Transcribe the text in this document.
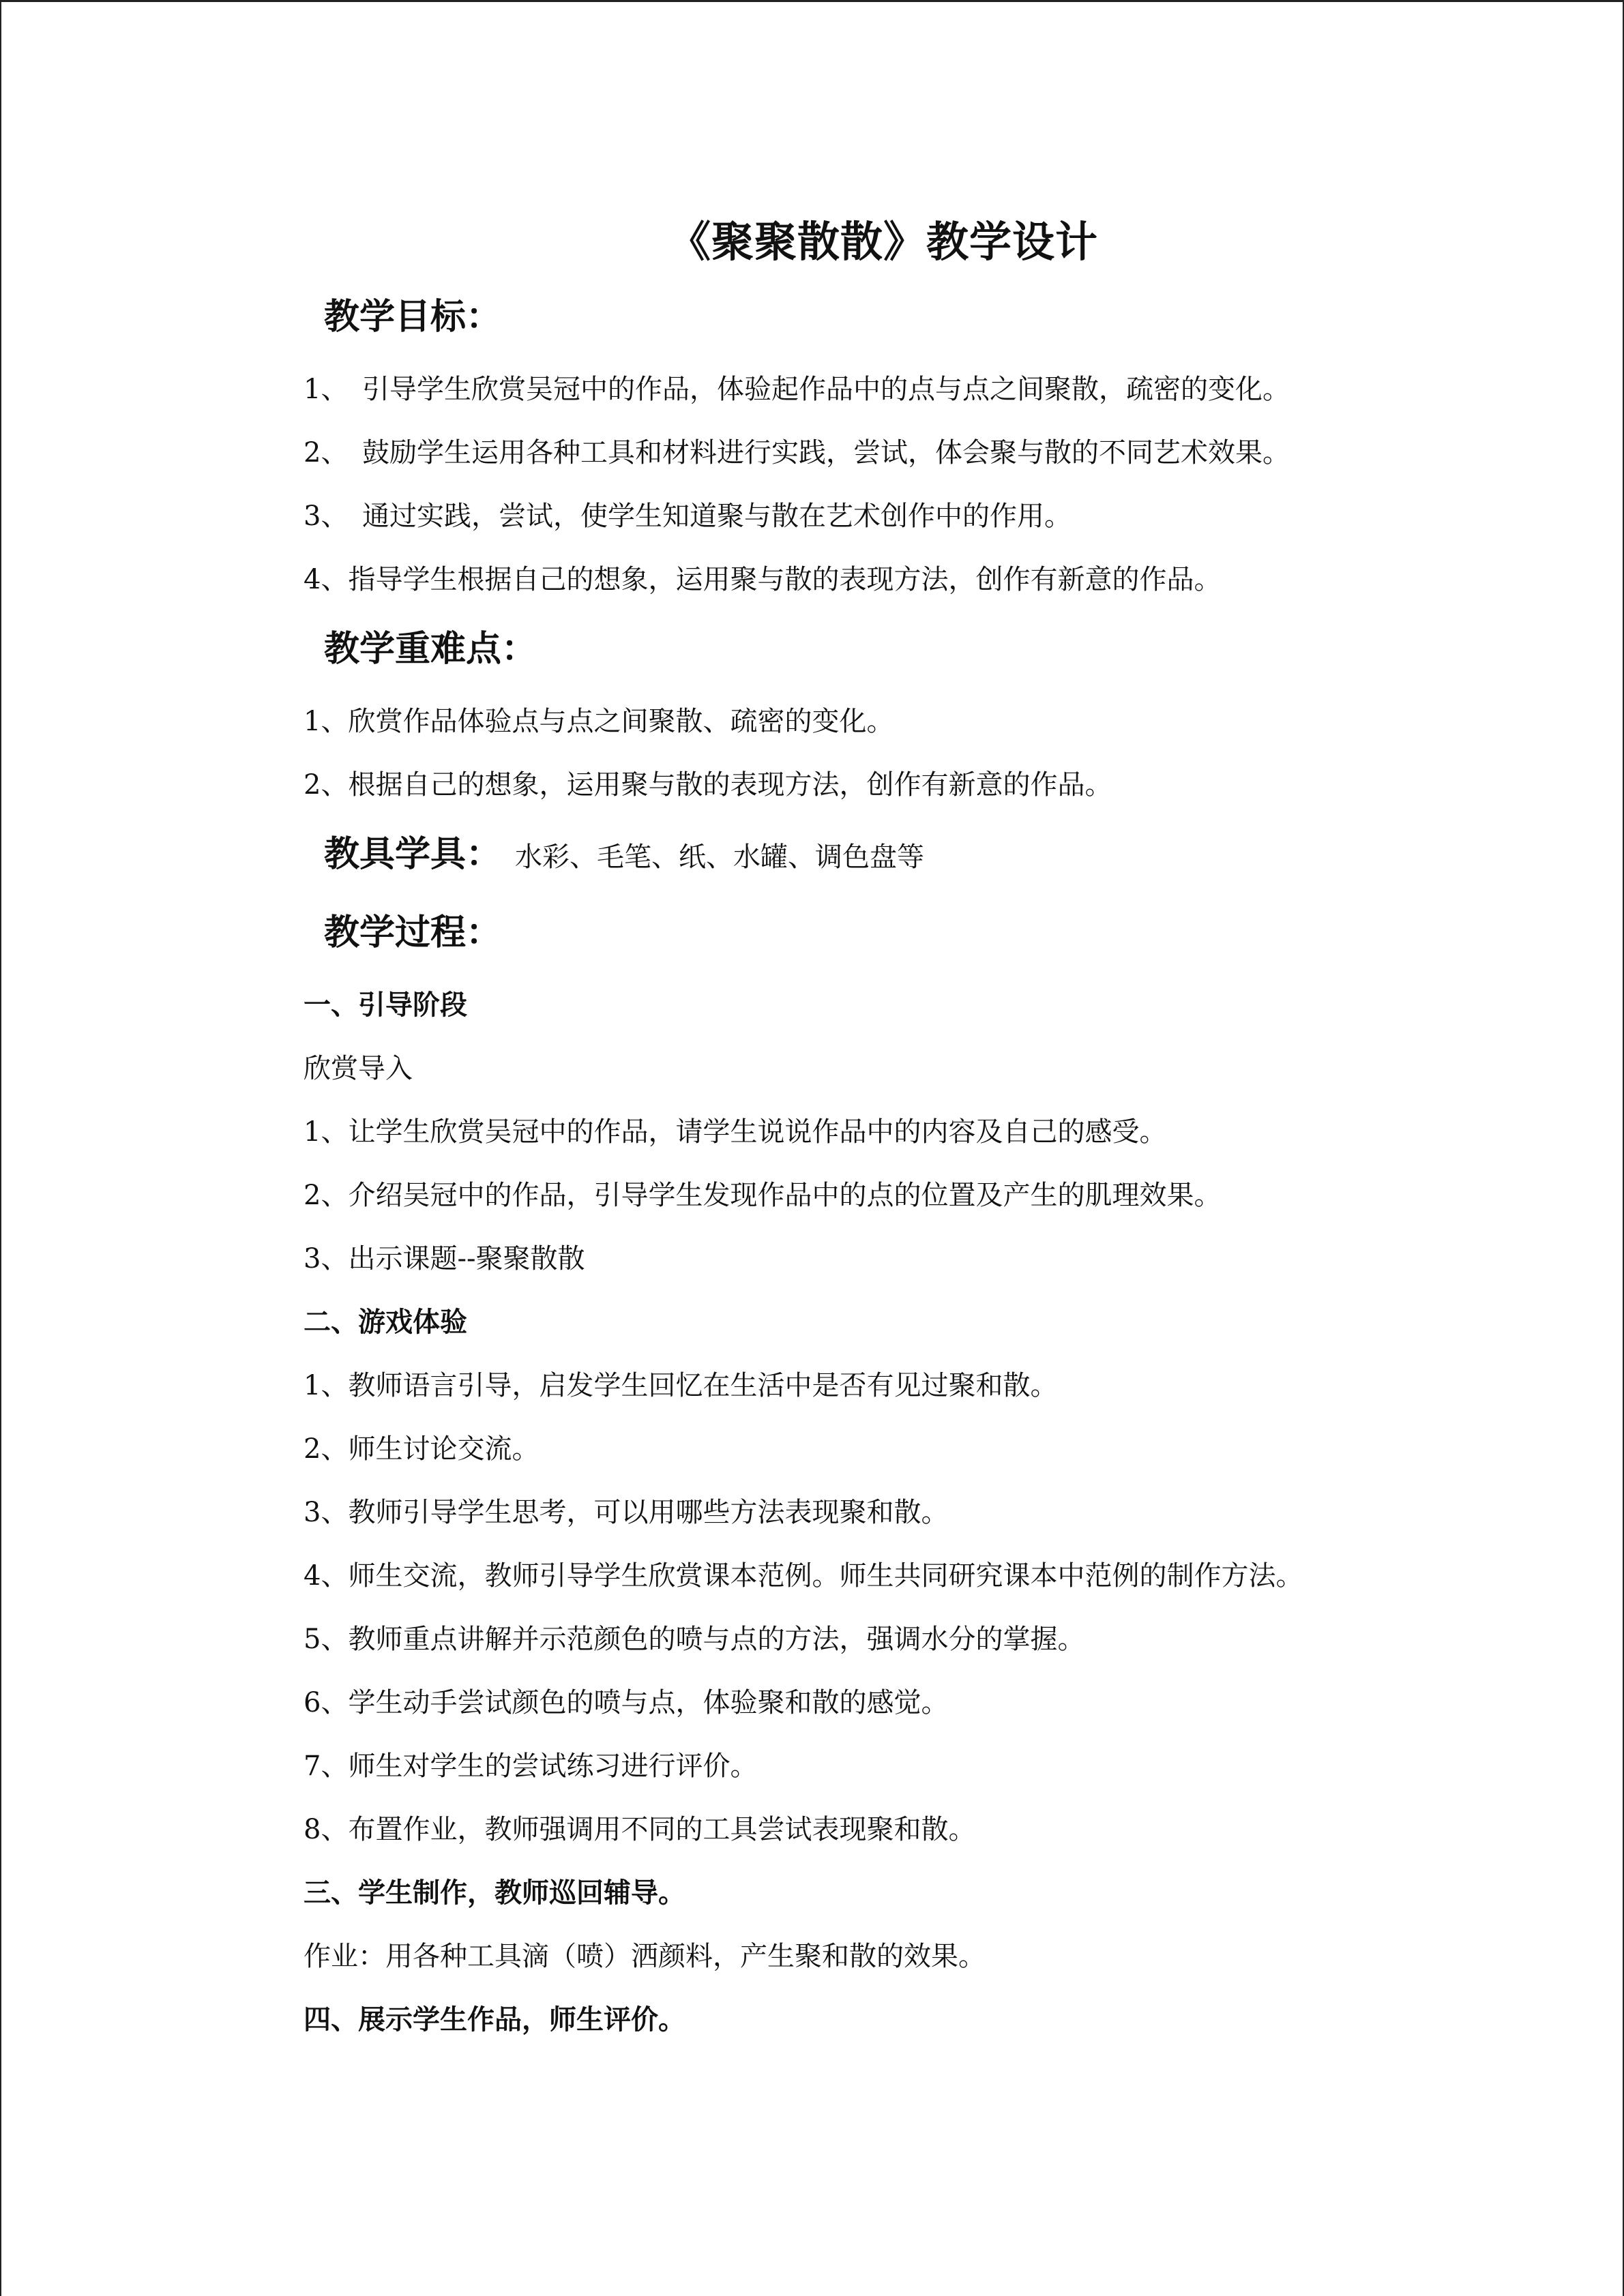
《聚聚散散》教学设计
教学目标：
1、 引导学生欣赏吴冠中的作品，体验起作品中的点与点之间聚散，疏密的变化。
2、 鼓励学生运用各种工具和材料进行实践，尝试，体会聚与散的不同艺术效果。
3、 通过实践，尝试，使学生知道聚与散在艺术创作中的作用。
4、指导学生根据自己的想象，运用聚与散的表现方法，创作有新意的作品。
教学重难点：
1、欣赏作品体验点与点之间聚散、疏密的变化。
2、根据自己的想象，运用聚与散的表现方法，创作有新意的作品。
教具学具： 水彩、毛笔、纸、水罐、调色盘等
教学过程：
一、引导阶段
欣赏导入
1、让学生欣赏吴冠中的作品，请学生说说作品中的内容及自己的感受。
2、介绍吴冠中的作品，引导学生发现作品中的点的位置及产生的肌理效果。
3、出示课题--聚聚散散
二、游戏体验
1、教师语言引导，启发学生回忆在生活中是否有见过聚和散。
2、师生讨论交流。
3、教师引导学生思考，可以用哪些方法表现聚和散。
4、师生交流，教师引导学生欣赏课本范例。师生共同研究课本中范例的制作方法。
5、教师重点讲解并示范颜色的喷与点的方法，强调水分的掌握。
6、学生动手尝试颜色的喷与点，体验聚和散的感觉。
7、师生对学生的尝试练习进行评价。
8、布置作业，教师强调用不同的工具尝试表现聚和散。
三、学生制作，教师巡回辅导。
作业：用各种工具滴（喷）洒颜料，产生聚和散的效果。
四、展示学生作品，师生评价。
